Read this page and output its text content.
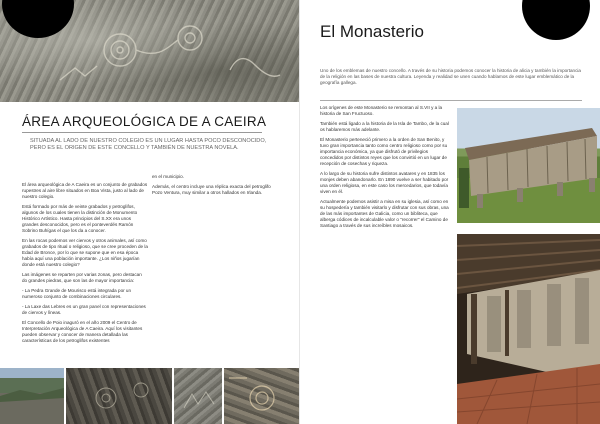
ÁREA ARQUEOLÓGICA DE A CAEIRA
SITUADA AL LADO DE NUESTRO COLEGIO ES UN LUGAR HASTA POCO DESCONOCIDO, PERO ES EL ORIGEN DE ESTE CONCELLO Y TAMBIÉN DE NUESTRA NOVELA.

El área arqueológica de A Caeira es un conjunto de grabados rupestres al aire libre situados en Boa Vista, justo al lado de nuestro colegio.

Está formado por más de veinte grabados y petroglifos, algunos de los cuales tienen la distinción de Monumento Histórico Artístico. Hasta principios del S.XX era unos grandes desconocidos, pero es el ponteverdés Ramón Sobrino Buhígas el que los da a conocer.

En las rocas podemos ver ciervos y otros animales, así como grabados de tipo ritual o religioso, que se cree proceden de la Edad de Bronce, por lo que se supone que en esa época había aquí una población importante. ¿Los niños jugarían donde está nuestro colegio?

Las imágenes se reparten por varias zonas, pero destacan do grandes piedras, que son las de mayor importancia:

- La Pedra Grande de Mourisco está integrada por un numeroso conjunto de combinaciones circulares.

- La Laxe das Lebres es un gran panel con representaciones de ciervos y líneas.

El Concello de Poio inaguró en el año 2009 el Centro de Interpretación Arqueológica de A Caeira. Aquí los visitantes pueden observar y conocer de manera detallada las características de los petroglifos existentes

en el municipio.

Además, el centro incluye una réplica exacta del petroglifo Pozo Ventura, muy similar a otros hallados en Irlanda.

El Monasterio
Uno de los emblemas de nuestro concello. A través de su historia podemos conocer la historia de alicia y también la importancia de la religión en las bases de nuestra cultura. Leyenda y realidad se unen cuando hablamos de este lugar emblemático de la geografía gallega.

Los orígenes de este Monasterio se remontan al S.VII y a la historia de San Fructuoso.

También está ligado a la historia de la Isla de Tambo, de la cual os hablaremos más adelante.

El Monasterio perteneció primero a la orden de San Benito, y tuvo gran importancia tanto como centro religioso como por su importancia económica, ya que disfrutó de privilegios concedidos por distintos reyes que los convirtió en un lugar de recepción de cosechas y riqueza.

A lo largo de su historia sufre distintos avatares y en 1835 los monjes deben abandonarlo. En 1890 vuelve a ser habitado por una orden religiosa, en este caso los mercedarios, que todavía viven en él.

Actualmente podemos asistir a misa en su iglesia, así como en su hospedería y también visitarlo y disfrutar con sus obras, una de las más importantes de Galicia, como un bibliteca, que alberga códices de incalculable valor o "recorrer" el Camino de Santiago a través de sus increíbles mosaicos.
